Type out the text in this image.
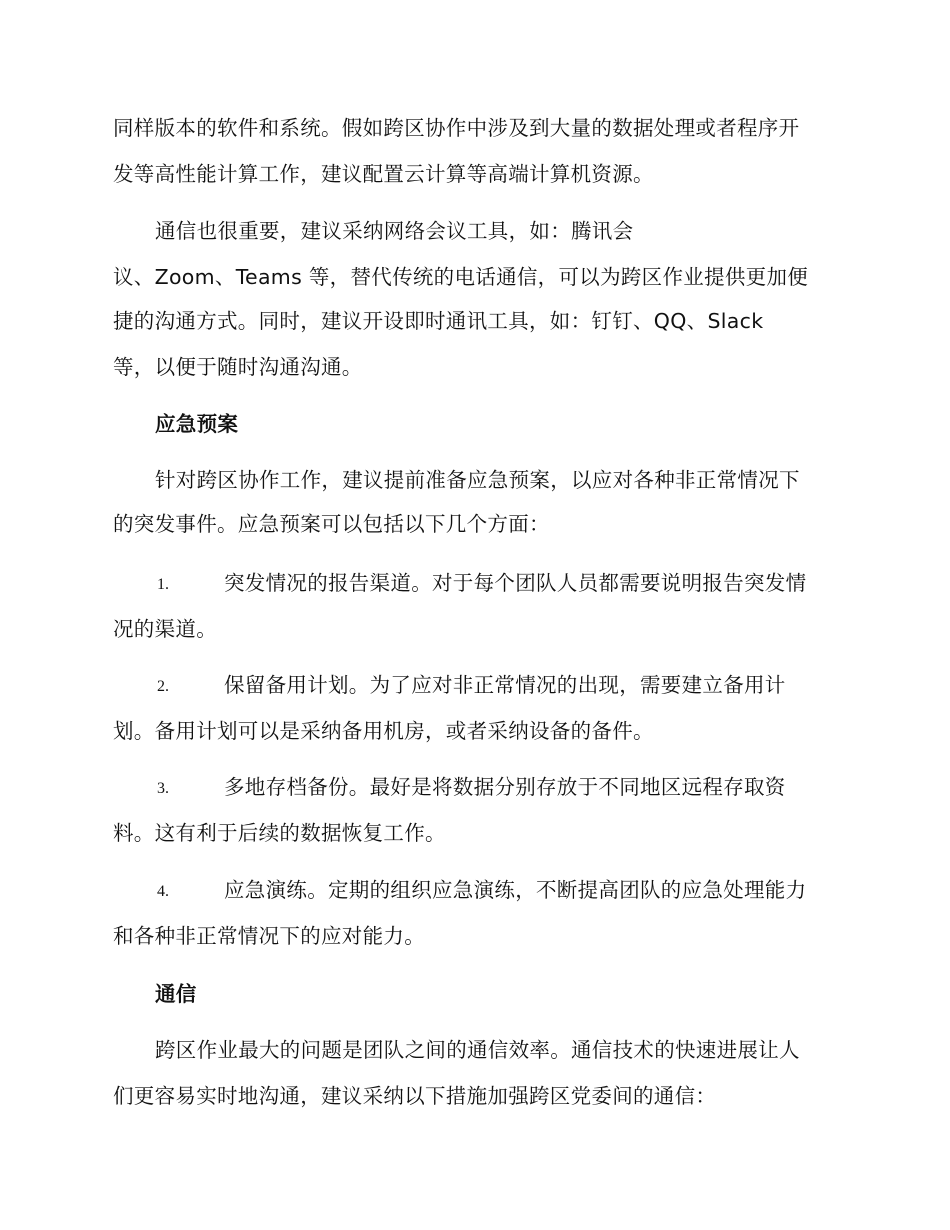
同样版本的软件和系统。假如跨区协作中涉及到大量的数据处理或者程序开
发等高性能计算工作，建议配置云计算等高端计算机资源。
通信也很重要，建议采纳网络会议工具，如：腾讯会
议、Zoom、Teams 等，替代传统的电话通信，可以为跨区作业提供更加便
捷的沟通方式。同时，建议开设即时通讯工具，如：钉钉、QQ、Slack
等，以便于随时沟通沟通。
应急预案
针对跨区协作工作，建议提前准备应急预案，以应对各种非正常情况下
的突发事件。应急预案可以包括以下几个方面：
1.	突发情况的报告渠道。对于每个团队人员都需要说明报告突发情
况的渠道。
2.	保留备用计划。为了应对非正常情况的出现，需要建立备用计
划。备用计划可以是采纳备用机房，或者采纳设备的备件。
3.	多地存档备份。最好是将数据分别存放于不同地区远程存取资
料。这有利于后续的数据恢复工作。
4.	应急演练。定期的组织应急演练，不断提高团队的应急处理能力
和各种非正常情况下的应对能力。
通信
跨区作业最大的问题是团队之间的通信效率。通信技术的快速进展让人
们更容易实时地沟通，建议采纳以下措施加强跨区党委间的通信：
